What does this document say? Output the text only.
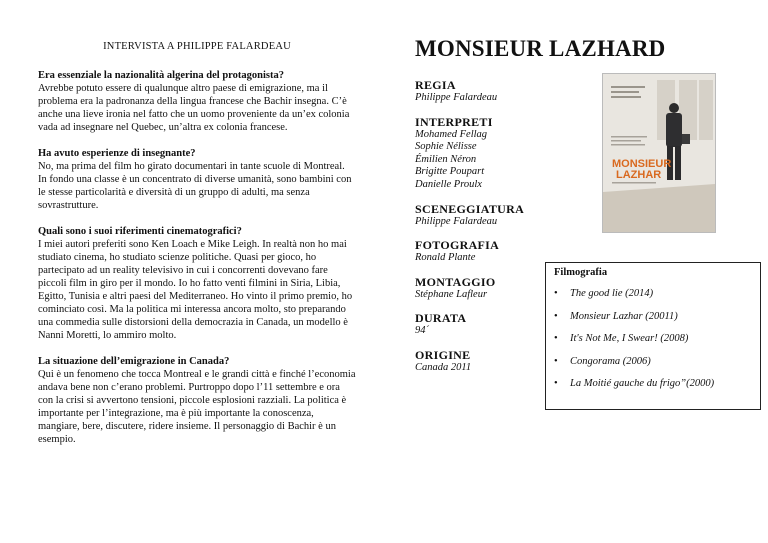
INTERVISTA A PHILIPPE FALARDEAU
Era essenziale la nazionalità algerina del protagonista?
Avrebbe potuto essere di qualunque altro paese di emigrazione, ma il problema era la padronanza della lingua francese che Bachir insegna. C’è anche una lieve ironia nel fatto che un uomo proveniente da un’ex colonia vada ad insegnare nel Quebec, un’altra ex colonia francese.
Ha avuto esperienze di insegnante?
No, ma prima del film ho girato documentari in tante scuole di Montreal. In fondo una classe è un concentrato di diverse umanità, sono bambini con le stesse particolarità e diversità di un gruppo di adulti, ma senza sovrastrutture.
Quali sono i suoi riferimenti cinematografici?
I miei autori preferiti sono Ken Loach e Mike Leigh. In realtà non ho mai studiato cinema, ho studiato scienze politiche. Quasi per gioco, ho partecipato ad un reality televisivo in cui i concorrenti dovevano fare piccoli film in giro per il mondo. Io ho fatto venti filmini in Siria, Libia, Egitto, Tunisia e altri paesi del Mediterraneo. Ho vinto il primo premio, ho cominciato così. Ma la politica mi interessa ancora molto, sto preparando una commedia sulle distorsioni della democrazia in Canada, un modello è Nanni Moretti, lo ammiro molto.
La situazione dell’emigrazione in Canada?
Qui è un fenomeno che tocca Montreal e le grandi città e finché l’economia andava bene non c’erano problemi. Purtroppo dopo l’11 settembre e ora con la crisi si avvertono tensioni, piccole esplosioni razziali. La politica è importante per l’integrazione, ma è più importante la conoscenza, mangiare, bere, discutere, ridere insieme. Il personaggio di Bachir è un esempio.
MONSIEUR LAZHARD
REGIA
Philippe Falardeau
INTERPRETI
Mohamed Fellag
Sophie Nélisse
Émilien Néron
Brigitte Poupart
Danielle Proulx
SCENEGGIATURA
Philippe Falardeau
FOTOGRAFIA
Ronald Plante
MONTAGGIO
Stéphane Lafleur
DURATA
94´
ORIGINE
Canada 2011
MONSIEUR
LAZHAR
Filmografia
• The good lie (2014)
• Monsieur Lazhar (20011)
• It's Not Me, I Swear! (2008)
• Congorama (2006)
• La Moitié gauche du frigo”(2000)
